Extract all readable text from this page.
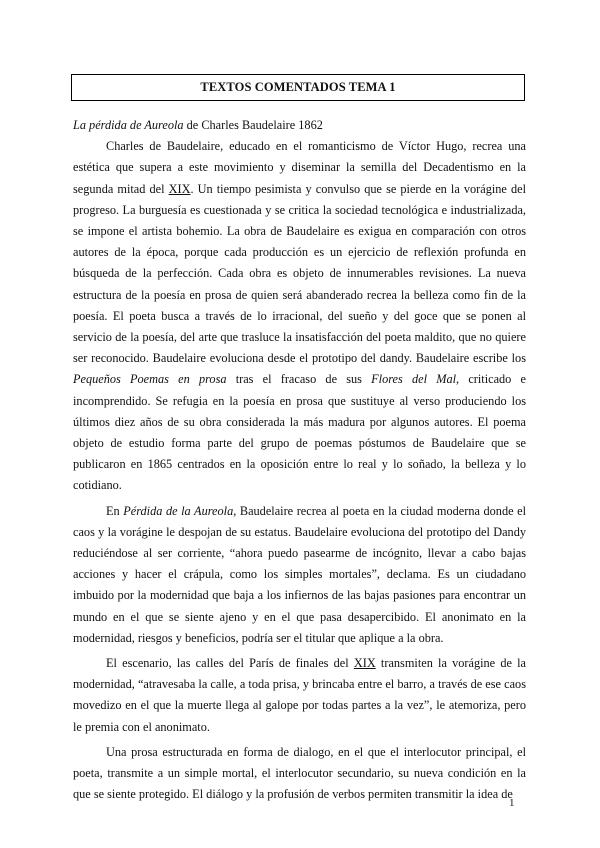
TEXTOS COMENTADOS TEMA 1

La pérdida de Aureola de Charles Baudelaire 1862

Charles de Baudelaire, educado en el romanticismo de Víctor Hugo, recrea una estética que supera a este movimiento y diseminar la semilla del Decadentismo en la segunda mitad del XIX. Un tiempo pesimista y convulso que se pierde en la vorágine del progreso. La burguesía es cuestionada y se critica la sociedad tecnológica e industrializada, se impone el artista bohemio. La obra de Baudelaire es exigua en comparación con otros autores de la época, porque cada producción es un ejercicio de reflexión profunda en búsqueda de la perfección. Cada obra es objeto de innumerables revisiones. La nueva estructura de la poesía en prosa de quien será abanderado recrea la belleza como fin de la poesía. El poeta busca a través de lo irracional, del sueño y del goce que se ponen al servicio de la poesía, del arte que trasluce la insatisfacción del poeta maldito, que no quiere ser reconocido. Baudelaire evoluciona desde el prototipo del dandy. Baudelaire escribe los Pequeños Poemas en prosa tras el fracaso de sus Flores del Mal, criticado e incomprendido. Se refugia en la poesía en prosa que sustituye al verso produciendo los últimos diez años de su obra considerada la más madura por algunos autores. El poema objeto de estudio forma parte del grupo de poemas póstumos de Baudelaire que se publicaron en 1865 centrados en la oposición entre lo real y lo soñado, la belleza y lo cotidiano.

En Pérdida de la Aureola, Baudelaire recrea al poeta en la ciudad moderna donde el caos y la vorágine le despojan de su estatus. Baudelaire evoluciona del prototipo del Dandy reduciéndose al ser corriente, “ahora puedo pasearme de incógnito, llevar a cabo bajas acciones y hacer el crápula, como los simples mortales”, declama. Es un ciudadano imbuido por la modernidad que baja a los infiernos de las bajas pasiones para encontrar un mundo en el que se siente ajeno y en el que pasa desapercibido. El anonimato en la modernidad, riesgos y beneficios, podría ser el titular que aplique a la obra.

El escenario, las calles del París de finales del XIX transmiten la vorágine de la modernidad, “atravesaba la calle, a toda prisa, y brincaba entre el barro, a través de ese caos movedizo en el que la muerte llega al galope por todas partes a la vez”, le atemoriza, pero le premia con el anonimato.

Una prosa estructurada en forma de dialogo, en el que el interlocutor principal, el poeta, transmite a un simple mortal, el interlocutor secundario, su nueva condición en la que se siente protegido. El diálogo y la profusión de verbos permiten transmitir la idea de

1
